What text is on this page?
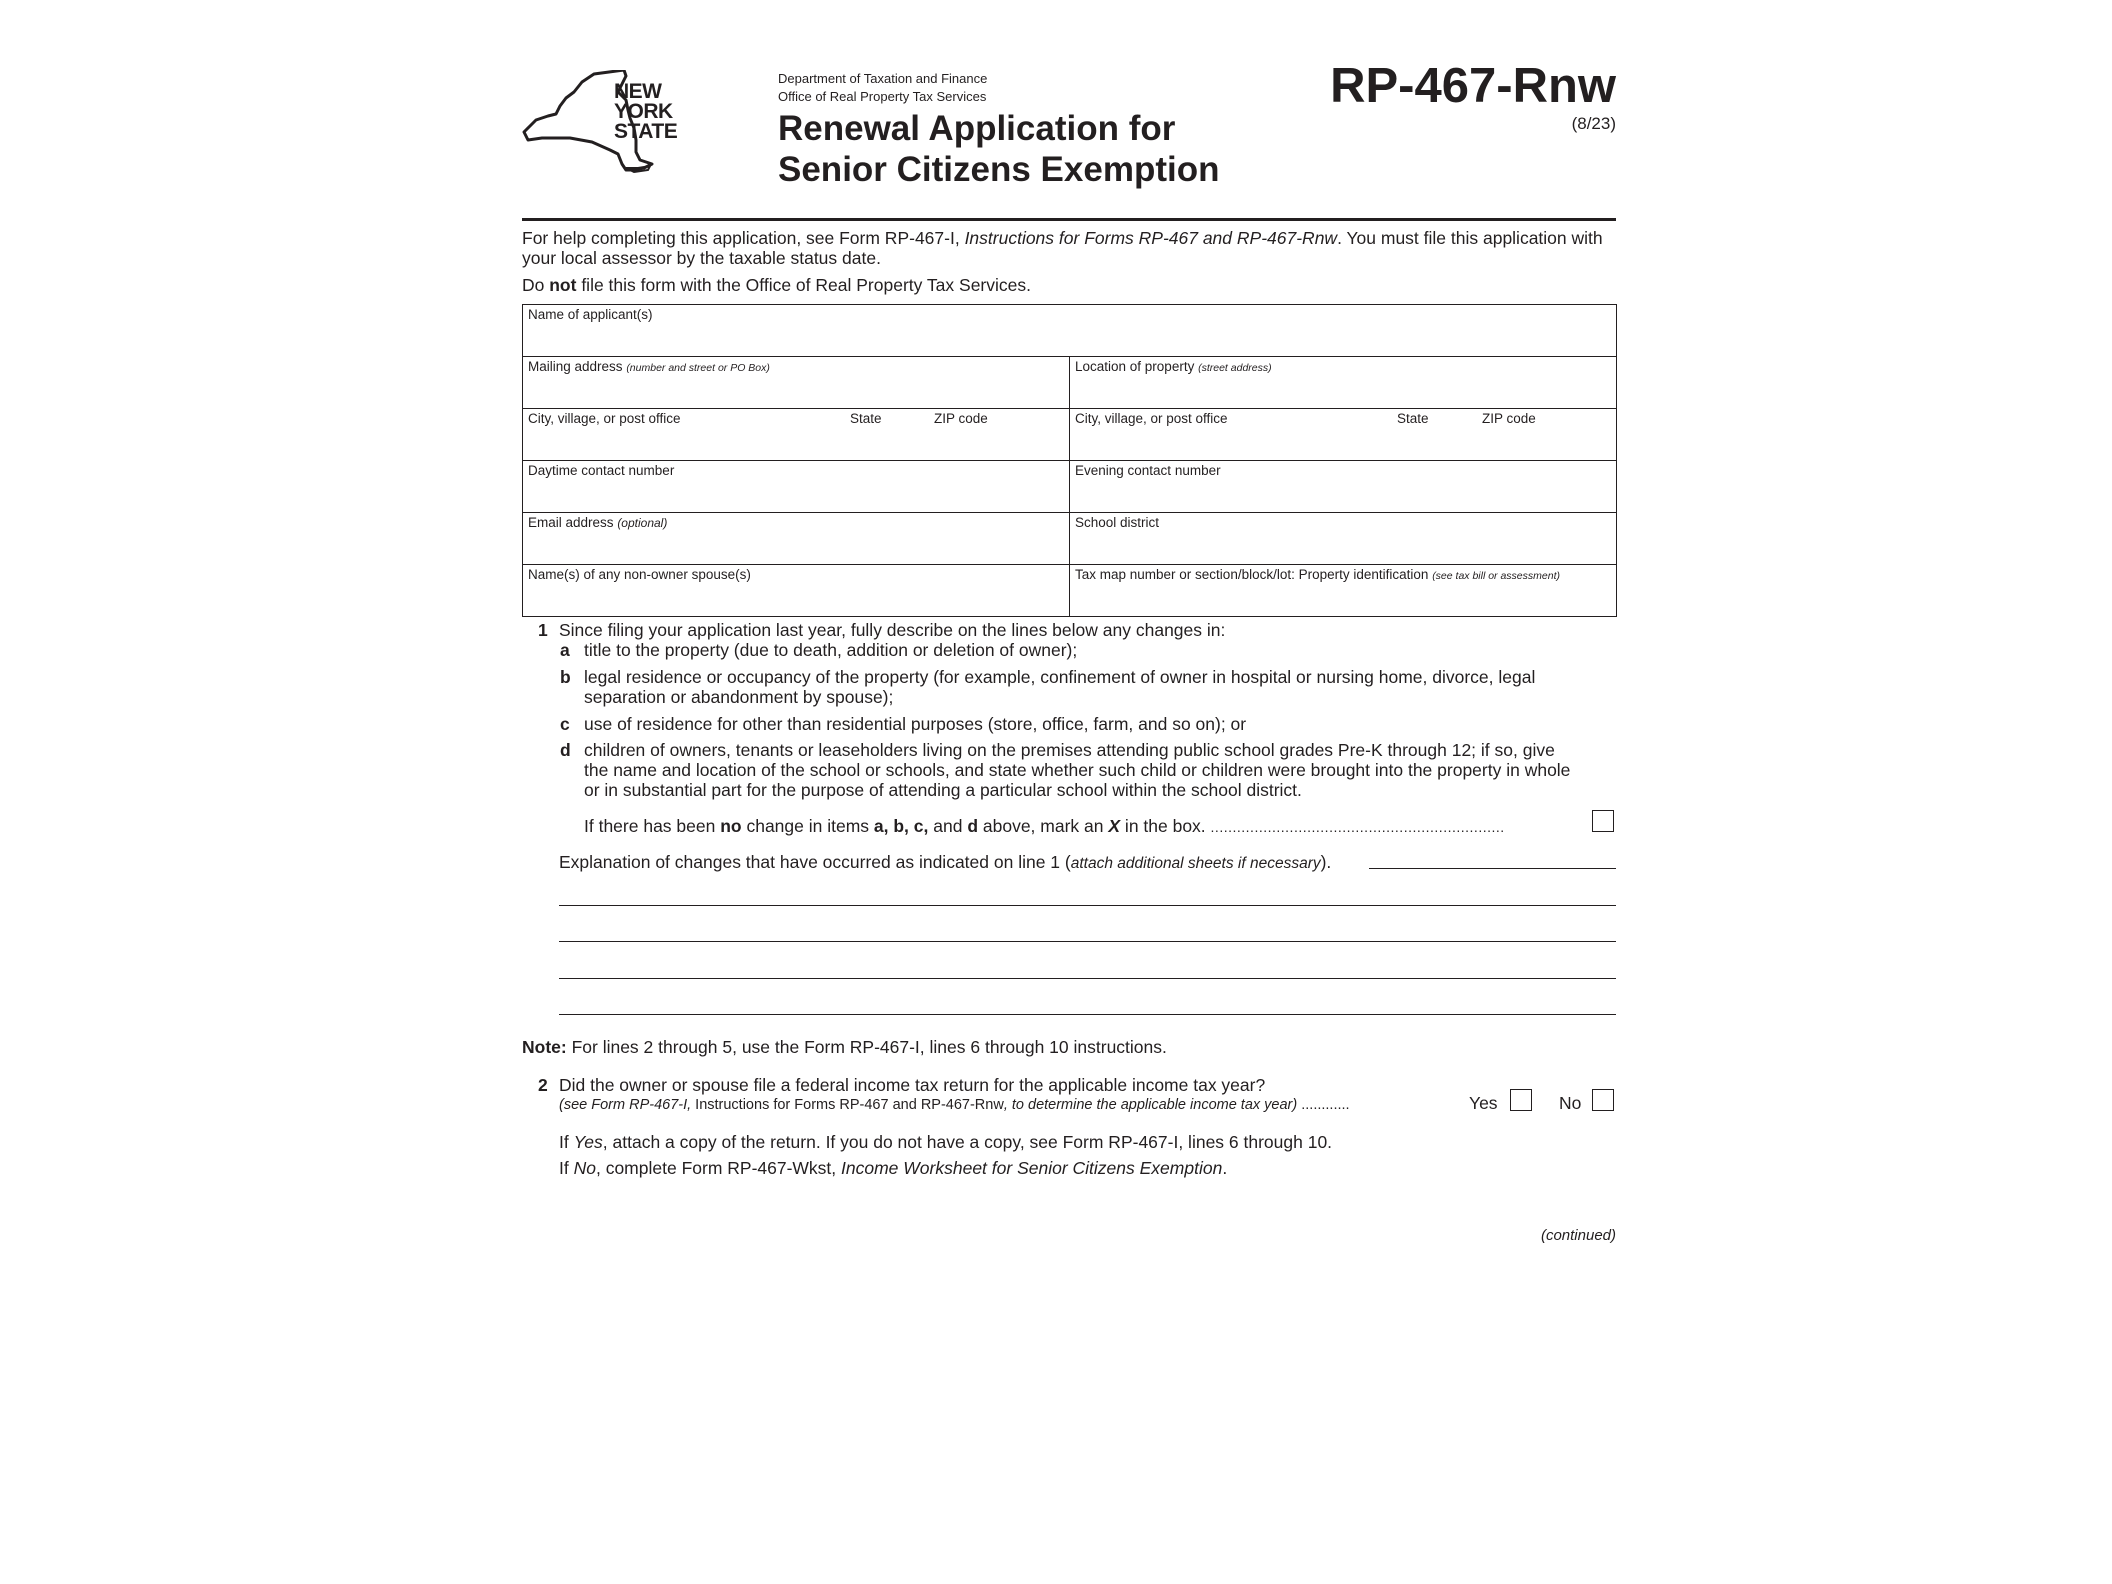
NEW
YORK
STATE
Department of Taxation and Finance
Office of Real Property Tax Services
Renewal Application for
Senior Citizens Exemption
RP-467-Rnw
(8/23)

For help completing this application, see Form RP-467-I, Instructions for Forms RP-467 and RP-467-Rnw. You must file this application with your local assessor by the taxable status date.

Do not file this form with the Office of Real Property Tax Services.

Name of applicant(s)	
Mailing address (number and street or PO Box)	Location of property (street address)

City, village, or post office State ZIP code	City, village, or post office State ZIP code

Daytime contact number	Evening contact number
Email address (optional)	School district
Name(s) of any non-owner spouse(s)	Tax map number or section/block/lot: Property identification (see tax bill or assessment)
1 Since filing your application last year, fully describe on the lines below any changes in:
a title to the property (due to death, addition or deletion of owner);
b legal residence or occupancy of the property (for example, confinement of owner in hospital or nursing home, divorce, legal
separation or abandonment by spouse);
c use of residence for other than residential purposes (store, office, farm, and so on); or
d children of owners, tenants or leaseholders living on the premises attending public school grades Pre-K through 12; if so, give
the name and location of the school or schools, and state whether such child or children were brought into the property in whole
or in substantial part for the purpose of attending a particular school within the school district.
If there has been no change in items a, b, c, and d above, mark an X in the box. ...................................................................
Explanation of changes that have occurred as indicated on line 1 (attach additional sheets if necessary).
Note: For lines 2 through 5, use the Form RP-467-I, lines 6 through 10 instructions.
2 Did the owner or spouse file a federal income tax return for the applicable income tax year?
(see Form RP-467-I, Instructions for Forms RP-467 and RP-467-Rnw, to determine the applicable income tax year) ............	Yes	No
If Yes, attach a copy of the return. If you do not have a copy, see Form RP-467-I, lines 6 through 10.
If No, complete Form RP-467-Wkst, Income Worksheet for Senior Citizens Exemption.
(continued)
